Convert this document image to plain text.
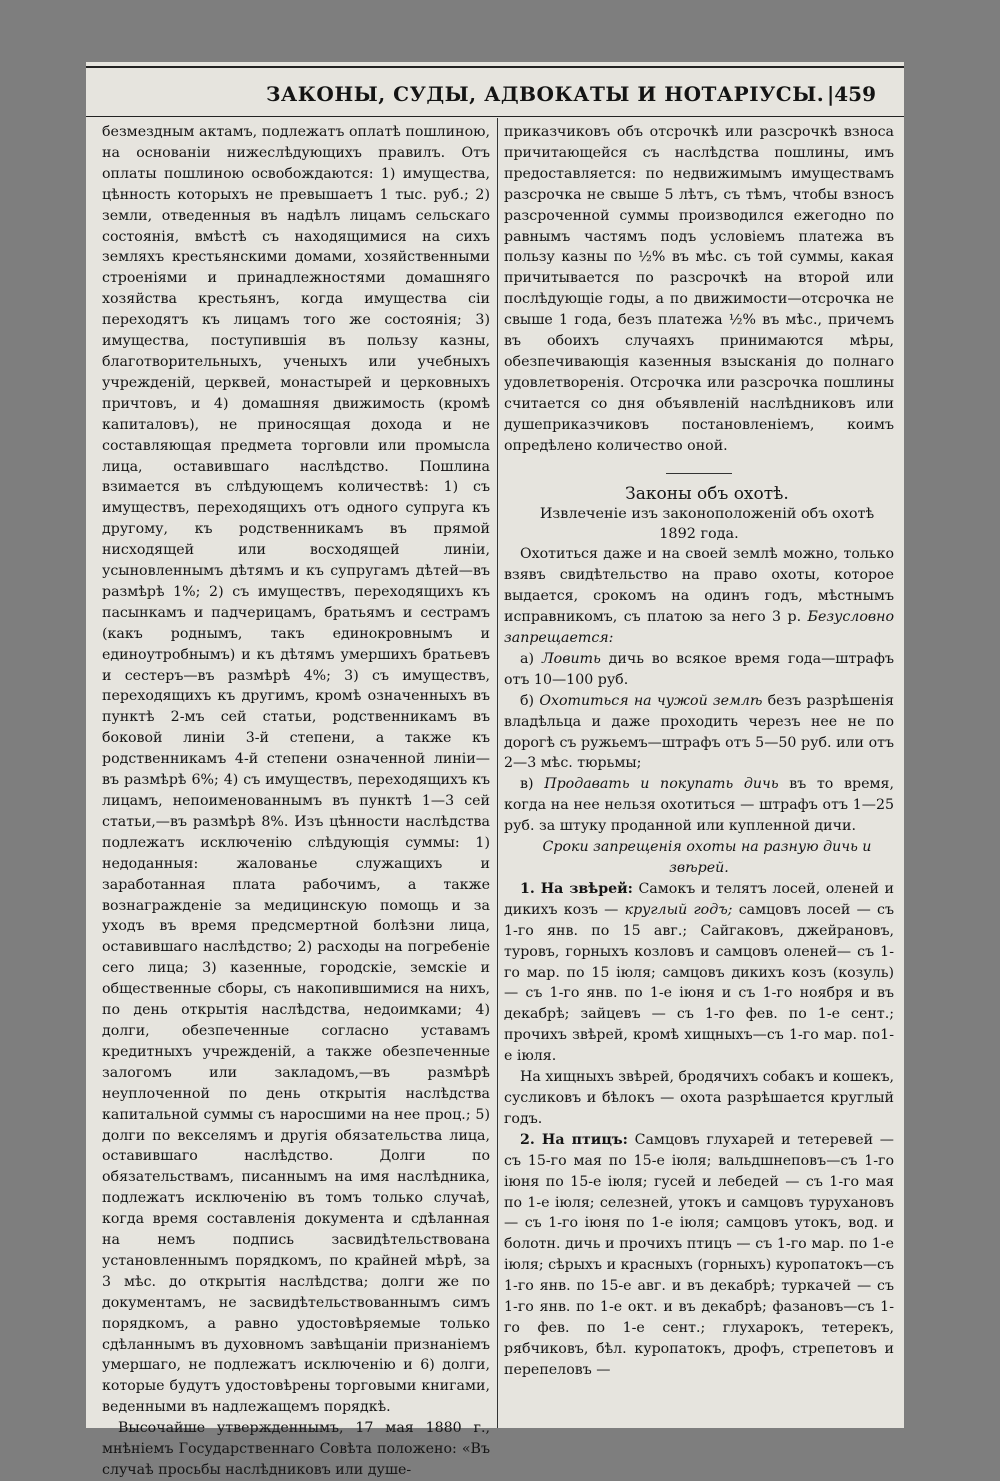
ЗАКОНЫ, СУДЫ, АДВОКАТЫ И НОТАРIУСЫ. |459

безмездным актамъ, подлежатъ оплатѣ пошлиною, на основаніи нижеслѣдующихъ правилъ. Отъ оплаты пошлиною освобождаются: 1) имущества, цѣнность которыхъ не превышаетъ 1 тыс. руб.; 2) земли, отведенныя въ надѣлъ лицамъ сельскаго состоянія, вмѣстѣ съ находящимися на сихъ земляхъ крестьянскими домами, хозяйственными строеніями и принадлежностями домашняго хозяйства крестьянъ, когда имущества сіи переходятъ къ лицамъ того же состоянія; 3) имущества, поступившія въ пользу казны, благотворительныхъ, ученыхъ или учебныхъ учрежденій, церквей, монастырей и церковныхъ причтовъ, и 4) домашняя движимость (кромѣ капиталовъ), не приносящая дохода и не составляющая предмета торговли или промысла лица, оставившаго наслѣдство. Пошлина взимается въ слѣдующемъ количествѣ: 1) съ имуществъ, переходящихъ отъ одного супруга къ другому, къ родственникамъ въ прямой нисходящей или восходящей линіи, усыновленнымъ дѣтямъ и къ супругамъ дѣтей—въ размѣрѣ 1%; 2) съ имуществъ, переходящихъ къ пасынкамъ и падчерицамъ, братьямъ и сестрамъ (какъ роднымъ, такъ единокровнымъ и единоутробнымъ) и къ дѣтямъ умершихъ братьевъ и сестеръ—въ размѣрѣ 4%; 3) съ имуществъ, переходящихъ къ другимъ, кромѣ означенныхъ въ пунктѣ 2-мъ сей статьи, родственникамъ въ боковой линіи 3-й степени, а также къ родственникамъ 4-й степени означенной линіи—въ размѣрѣ 6%; 4) съ имуществъ, переходящихъ къ лицамъ, непоименованнымъ въ пунктѣ 1—3 сей статьи,—въ размѣрѣ 8%. Изъ цѣнности наслѣдства подлежатъ исключенію слѣдующія суммы: 1) недоданныя: жалованье служащихъ и заработанная плата рабочимъ, а также вознагражденіе за медицинскую помощь и за уходъ въ время предсмертной болѣзни лица, оставившаго наслѣдство; 2) расходы на погребеніе сего лица; 3) казенные, городскіе, земскіе и общественные сборы, съ накопившимися на нихъ, по день открытія наслѣдства, недоимками; 4) долги, обезпеченные согласно уставамъ кредитныхъ учрежденій, а также обезпеченные залогомъ или закладомъ,—въ размѣрѣ неуплоченной по день открытія наслѣдства капитальной суммы съ наросшими на нее проц.; 5) долги по векселямъ и другія обязательства лица, оставившаго наслѣдство. Долги по обязательствамъ, писаннымъ на имя наслѣдника, подлежатъ исключенію въ томъ только случаѣ, когда время составленія документа и сдѣланная на немъ подпись засвидѣтельствована установленнымъ порядкомъ, по крайней мѣрѣ, за 3 мѣс. до открытія наслѣдства; долги же по документамъ, не засвидѣтельствованнымъ симъ порядкомъ, а равно удостовѣряемые только сдѣланнымъ въ духовномъ завѣщаніи признаніемъ умершаго, не подлежатъ исключенію и 6) долги, которые будутъ удостовѣрены торговыми книгами, веденными въ надлежащемъ порядкѣ.

Высочайше утвержденнымъ, 17 мая 1880 г., мнѣніемъ Государственнаго Совѣта положено: «Въ случаѣ просьбы наслѣдниковъ или душе-

приказчиковъ объ отсрочкѣ или разсрочкѣ взноса причитающейся съ наслѣдства пошлины, имъ предоставляется: по недвижимымъ имуществамъ разсрочка не свыше 5 лѣтъ, съ тѣмъ, чтобы взносъ разсроченной суммы производился ежегодно по равнымъ частямъ подъ условіемъ платежа въ пользу казны по ½% въ мѣс. съ той суммы, какая причитывается по разсрочкѣ на второй или послѣдующіе годы, а по движимости—отсрочка не свыше 1 года, безъ платежа ½% въ мѣс., причемъ въ обоихъ случаяхъ принимаются мѣры, обезпечивающія казенныя взысканія до полнаго удовлетворенія. Отсрочка или разсрочка пошлины считается со дня объявленій наслѣдниковъ или душеприказчиковъ постановленіемъ, коимъ опредѣлено количество оной.

Законы объ охотѣ.

Извлеченіе изъ законоположеній объ охотѣ 1892 года.

Охотиться даже и на своей землѣ можно, только взявъ свидѣтельство на право охоты, которое выдается, срокомъ на одинъ годъ, мѣстнымъ исправникомъ, съ платою за него 3 р. Безусловно запрещается:

а) Ловить дичь во всякое время года—штрафъ отъ 10—100 руб.

б) Охотиться на чужой землѣ безъ разрѣшенія владѣльца и даже проходить черезъ нее не по дорогѣ съ ружьемъ—штрафъ отъ 5—50 руб. или отъ 2—3 мѣс. тюрьмы;

в) Продавать и покупать дичь въ то время, когда на нее нельзя охотиться — штрафъ отъ 1—25 руб. за штуку проданной или купленной дичи.

Сроки запрещенія охоты на разную дичь и звѣрей.

1. На звѣрей: Самокъ и телятъ лосей, оленей и дикихъ козъ — круглый годъ; самцовъ лосей — съ 1-го янв. по 15 авг.; Сайгаковъ, джейрановъ, туровъ, горныхъ козловъ и самцовъ оленей— съ 1-го мар. по 15 іюля; самцовъ дикихъ козъ (козуль) — съ 1-го янв. по 1-е іюня и съ 1-го ноября и въ декабрѣ; зайцевъ — съ 1-го фев. по 1-е сент.; прочихъ звѣрей, кромѣ хищныхъ—съ 1-го мар. по1-е іюля.

На хищныхъ звѣрей, бродячихъ собакъ и кошекъ, сусликовъ и бѣлокъ — охота разрѣшается круглый годъ.

2. На птицъ: Самцовъ глухарей и тетеревей — съ 15-го мая по 15-е іюля; вальдшнеповъ—съ 1-го іюня по 15-е іюля; гусей и лебедей — съ 1-го мая по 1-е іюля; селезней, утокъ и самцовъ турухановъ — съ 1-го іюня по 1-е іюля; самцовъ утокъ, вод. и болотн. дичь и прочихъ птицъ — съ 1-го мар. по 1-е іюля; сѣрыхъ и красныхъ (горныхъ) куропатокъ—съ 1-го янв. по 15-е авг. и въ декабрѣ; туркачей — съ 1-го янв. по 1-е окт. и въ декабрѣ; фазановъ—съ 1-го фев. по 1-е сент.; глухарокъ, тетерекъ, рябчиковъ, бѣл. куропатокъ, дрофъ, стрепетовъ и перепеловъ —
